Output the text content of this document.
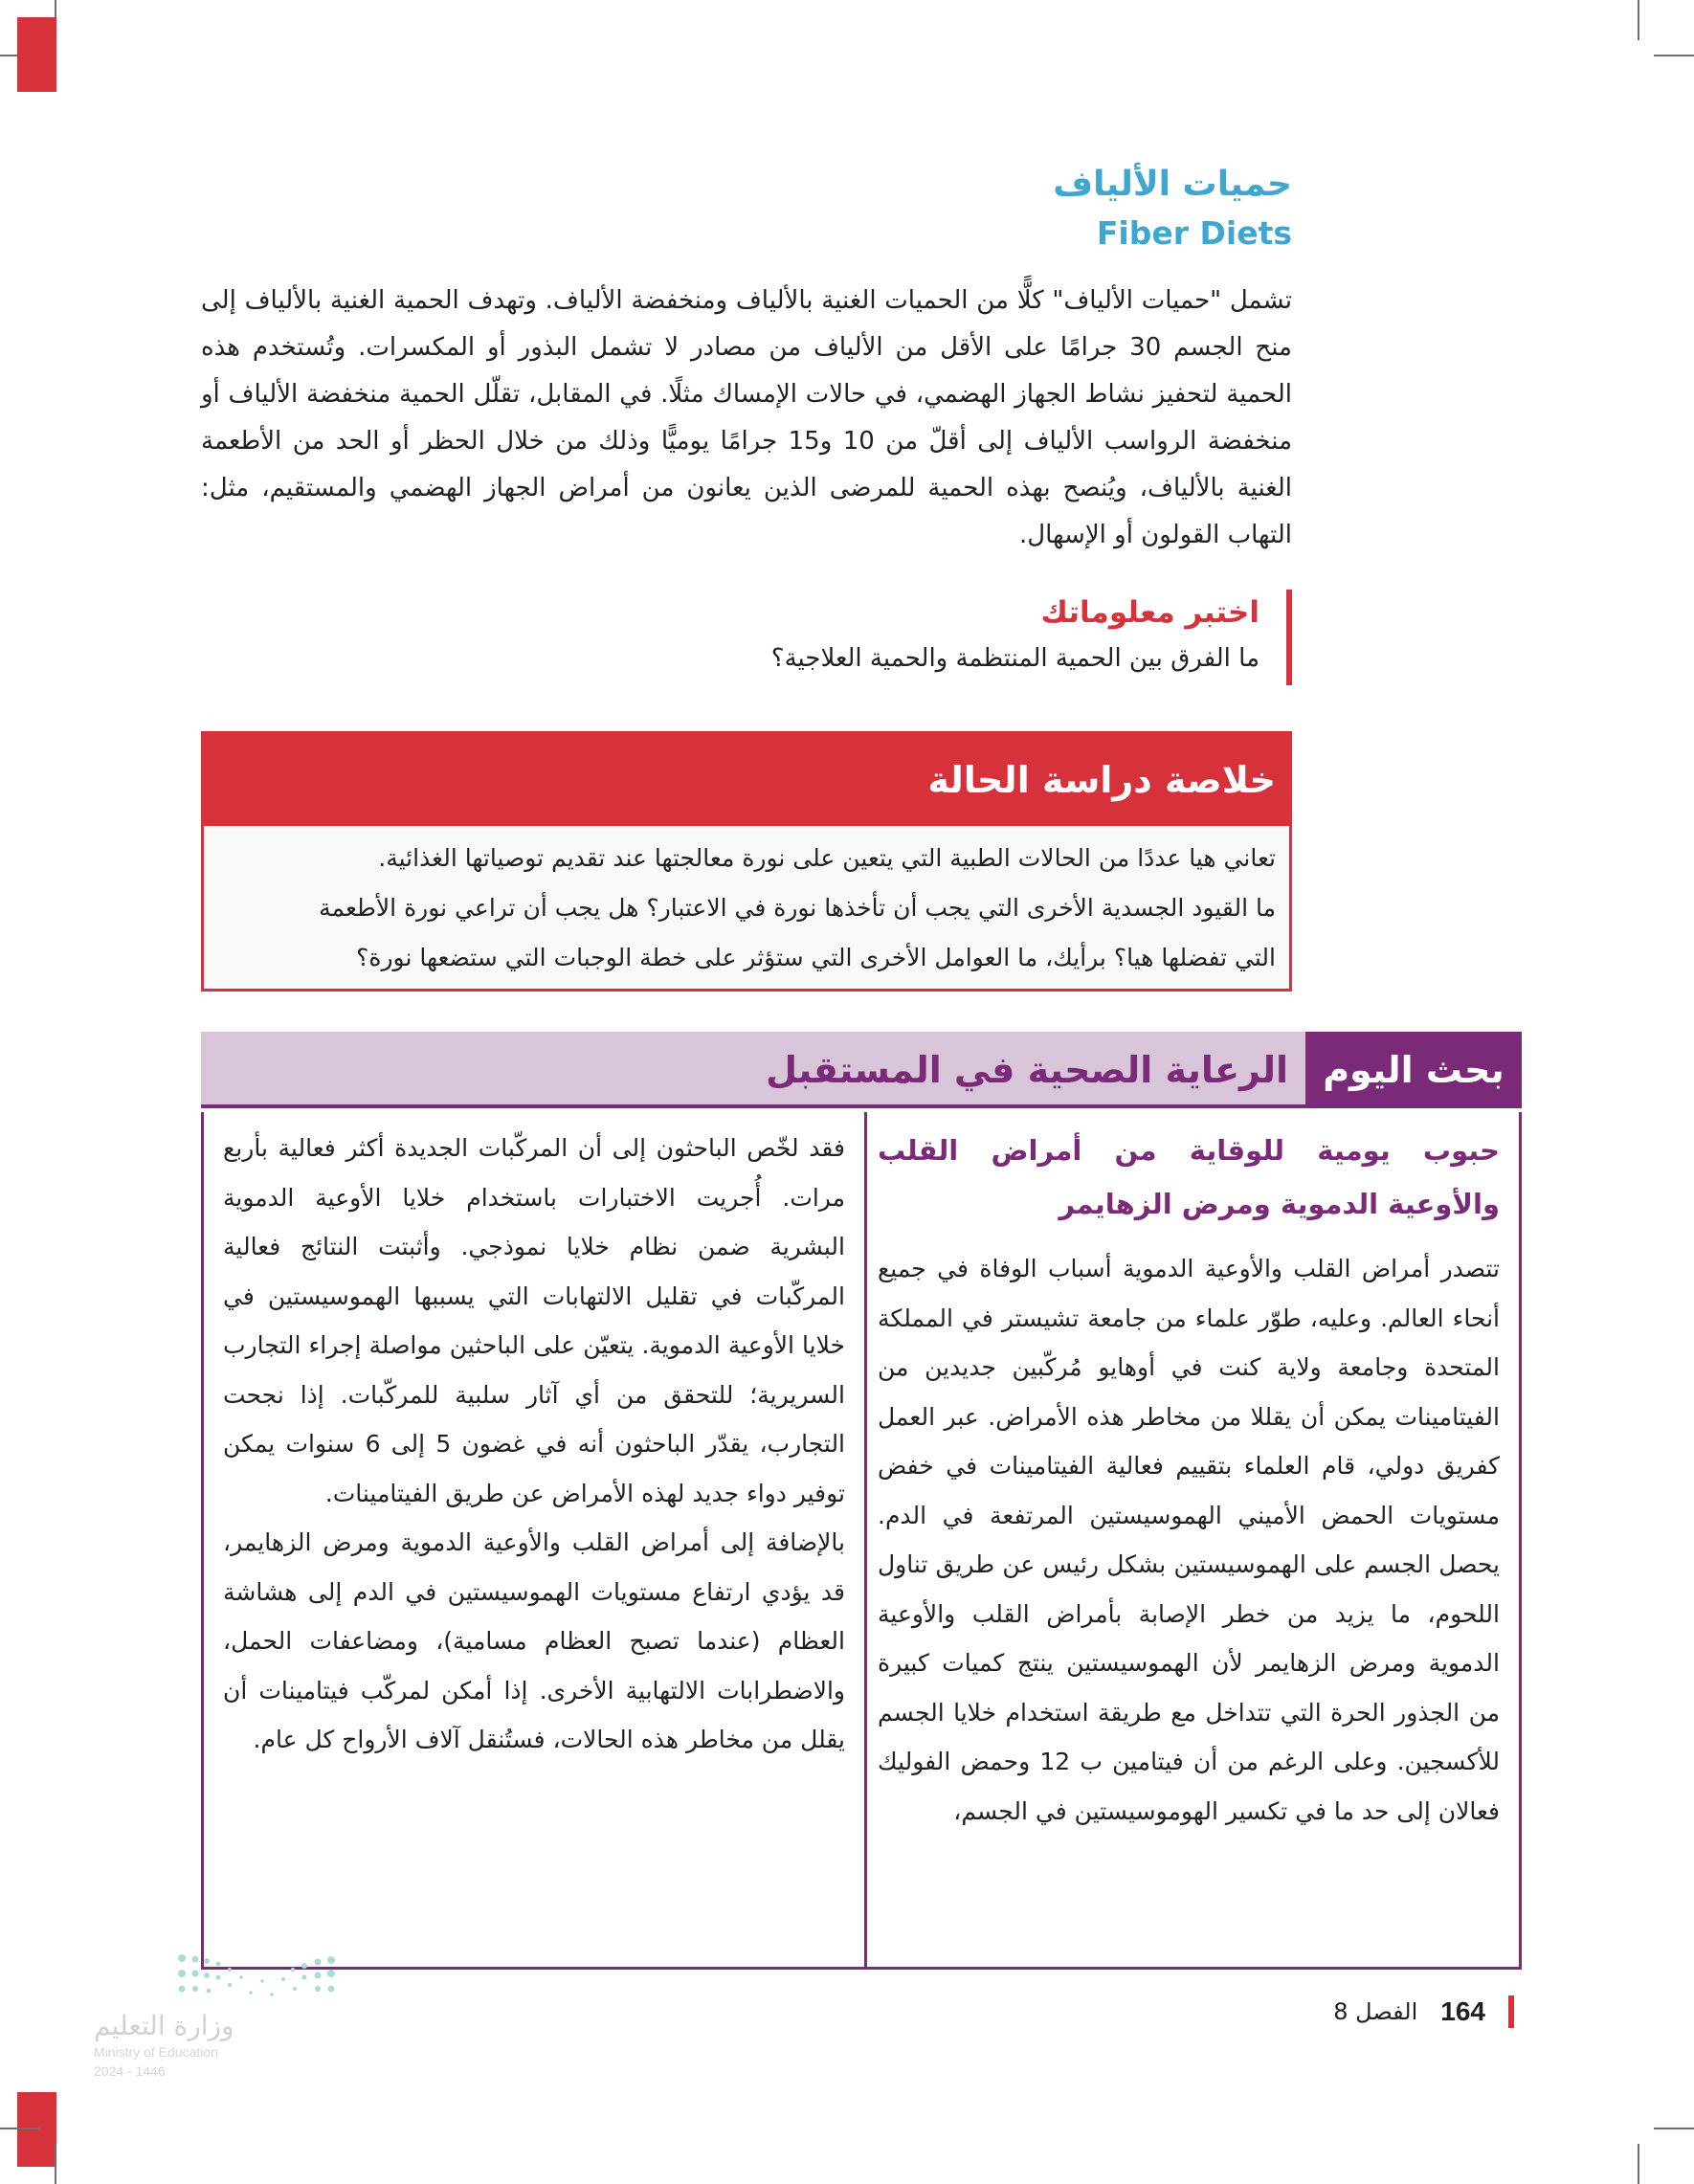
حميات الألياف
Fiber Diets
تشمل "حميات الألياف" كلًّا من الحميات الغنية بالألياف ومنخفضة الألياف. وتهدف الحمية الغنية بالألياف إلى منح الجسم 30 جرامًا على الأقل من الألياف من مصادر لا تشمل البذور أو المكسرات. وتُستخدم هذه الحمية لتحفيز نشاط الجهاز الهضمي، في حالات الإمساك مثلًا. في المقابل، تقلّل الحمية منخفضة الألياف أو منخفضة الرواسب الألياف إلى أقلّ من 10 و15 جرامًا يوميًّا وذلك من خلال الحظر أو الحد من الأطعمة الغنية بالألياف، ويُنصح بهذه الحمية للمرضى الذين يعانون من أمراض الجهاز الهضمي والمستقيم، مثل: التهاب القولون أو الإسهال.
اختبر معلوماتك
ما الفرق بين الحمية المنتظمة والحمية العلاجية؟
خلاصة دراسة الحالة
تعاني هيا عددًا من الحالات الطبية التي يتعين على نورة معالجتها عند تقديم توصياتها الغذائية.
ما القيود الجسدية الأخرى التي يجب أن تأخذها نورة في الاعتبار؟ هل يجب أن تراعي نورة الأطعمة
التي تفضلها هيا؟ برأيك، ما العوامل الأخرى التي ستؤثر على خطة الوجبات التي ستضعها نورة؟
بحث اليوم
الرعاية الصحية في المستقبل
حبوب يومية للوقاية من أمراض القلب والأوعية الدموية ومرض الزهايمر

تتصدر أمراض القلب والأوعية الدموية أسباب الوفاة في جميع أنحاء العالم. وعليه، طوّر علماء من جامعة تشيستر في المملكة المتحدة وجامعة ولاية كنت في أوهايو مُركّبين جديدين من الفيتامينات يمكن أن يقللا من مخاطر هذه الأمراض. عبر العمل كفريق دولي، قام العلماء بتقييم فعالية الفيتامينات في خفض مستويات الحمض الأميني الهموسيستين المرتفعة في الدم. يحصل الجسم على الهموسيستين بشكل رئيس عن طريق تناول اللحوم، ما يزيد من خطر الإصابة بأمراض القلب والأوعية الدموية ومرض الزهايمر لأن الهموسيستين ينتج كميات كبيرة من الجذور الحرة التي تتداخل مع طريقة استخدام خلايا الجسم للأكسجين. وعلى الرغم من أن فيتامين ب 12 وحمض الفوليك فعالان إلى حد ما في تكسير الهوموسيستين في الجسم،

فقد لخّص الباحثون إلى أن المركّبات الجديدة أكثر فعالية بأربع مرات. أُجريت الاختبارات باستخدام خلايا الأوعية الدموية البشرية ضمن نظام خلايا نموذجي. وأثبتت النتائج فعالية المركّبات في تقليل الالتهابات التي يسببها الهموسيستين في خلايا الأوعية الدموية. يتعيّن على الباحثين مواصلة إجراء التجارب السريرية؛ للتحقق من أي آثار سلبية للمركّبات. إذا نجحت التجارب، يقدّر الباحثون أنه في غضون 5 إلى 6 سنوات يمكن توفير دواء جديد لهذه الأمراض عن طريق الفيتامينات.

بالإضافة إلى أمراض القلب والأوعية الدموية ومرض الزهايمر، قد يؤدي ارتفاع مستويات الهموسيستين في الدم إلى هشاشة العظام (عندما تصبح العظام مسامية)، ومضاعفات الحمل، والاضطرابات الالتهابية الأخرى. إذا أمكن لمركّب فيتامينات أن يقلل من مخاطر هذه الحالات، فستُنقل آلاف الأرواح كل عام.

164
الفصل 8
وزارة التعليم
Ministry of Education
2024 - 1446
